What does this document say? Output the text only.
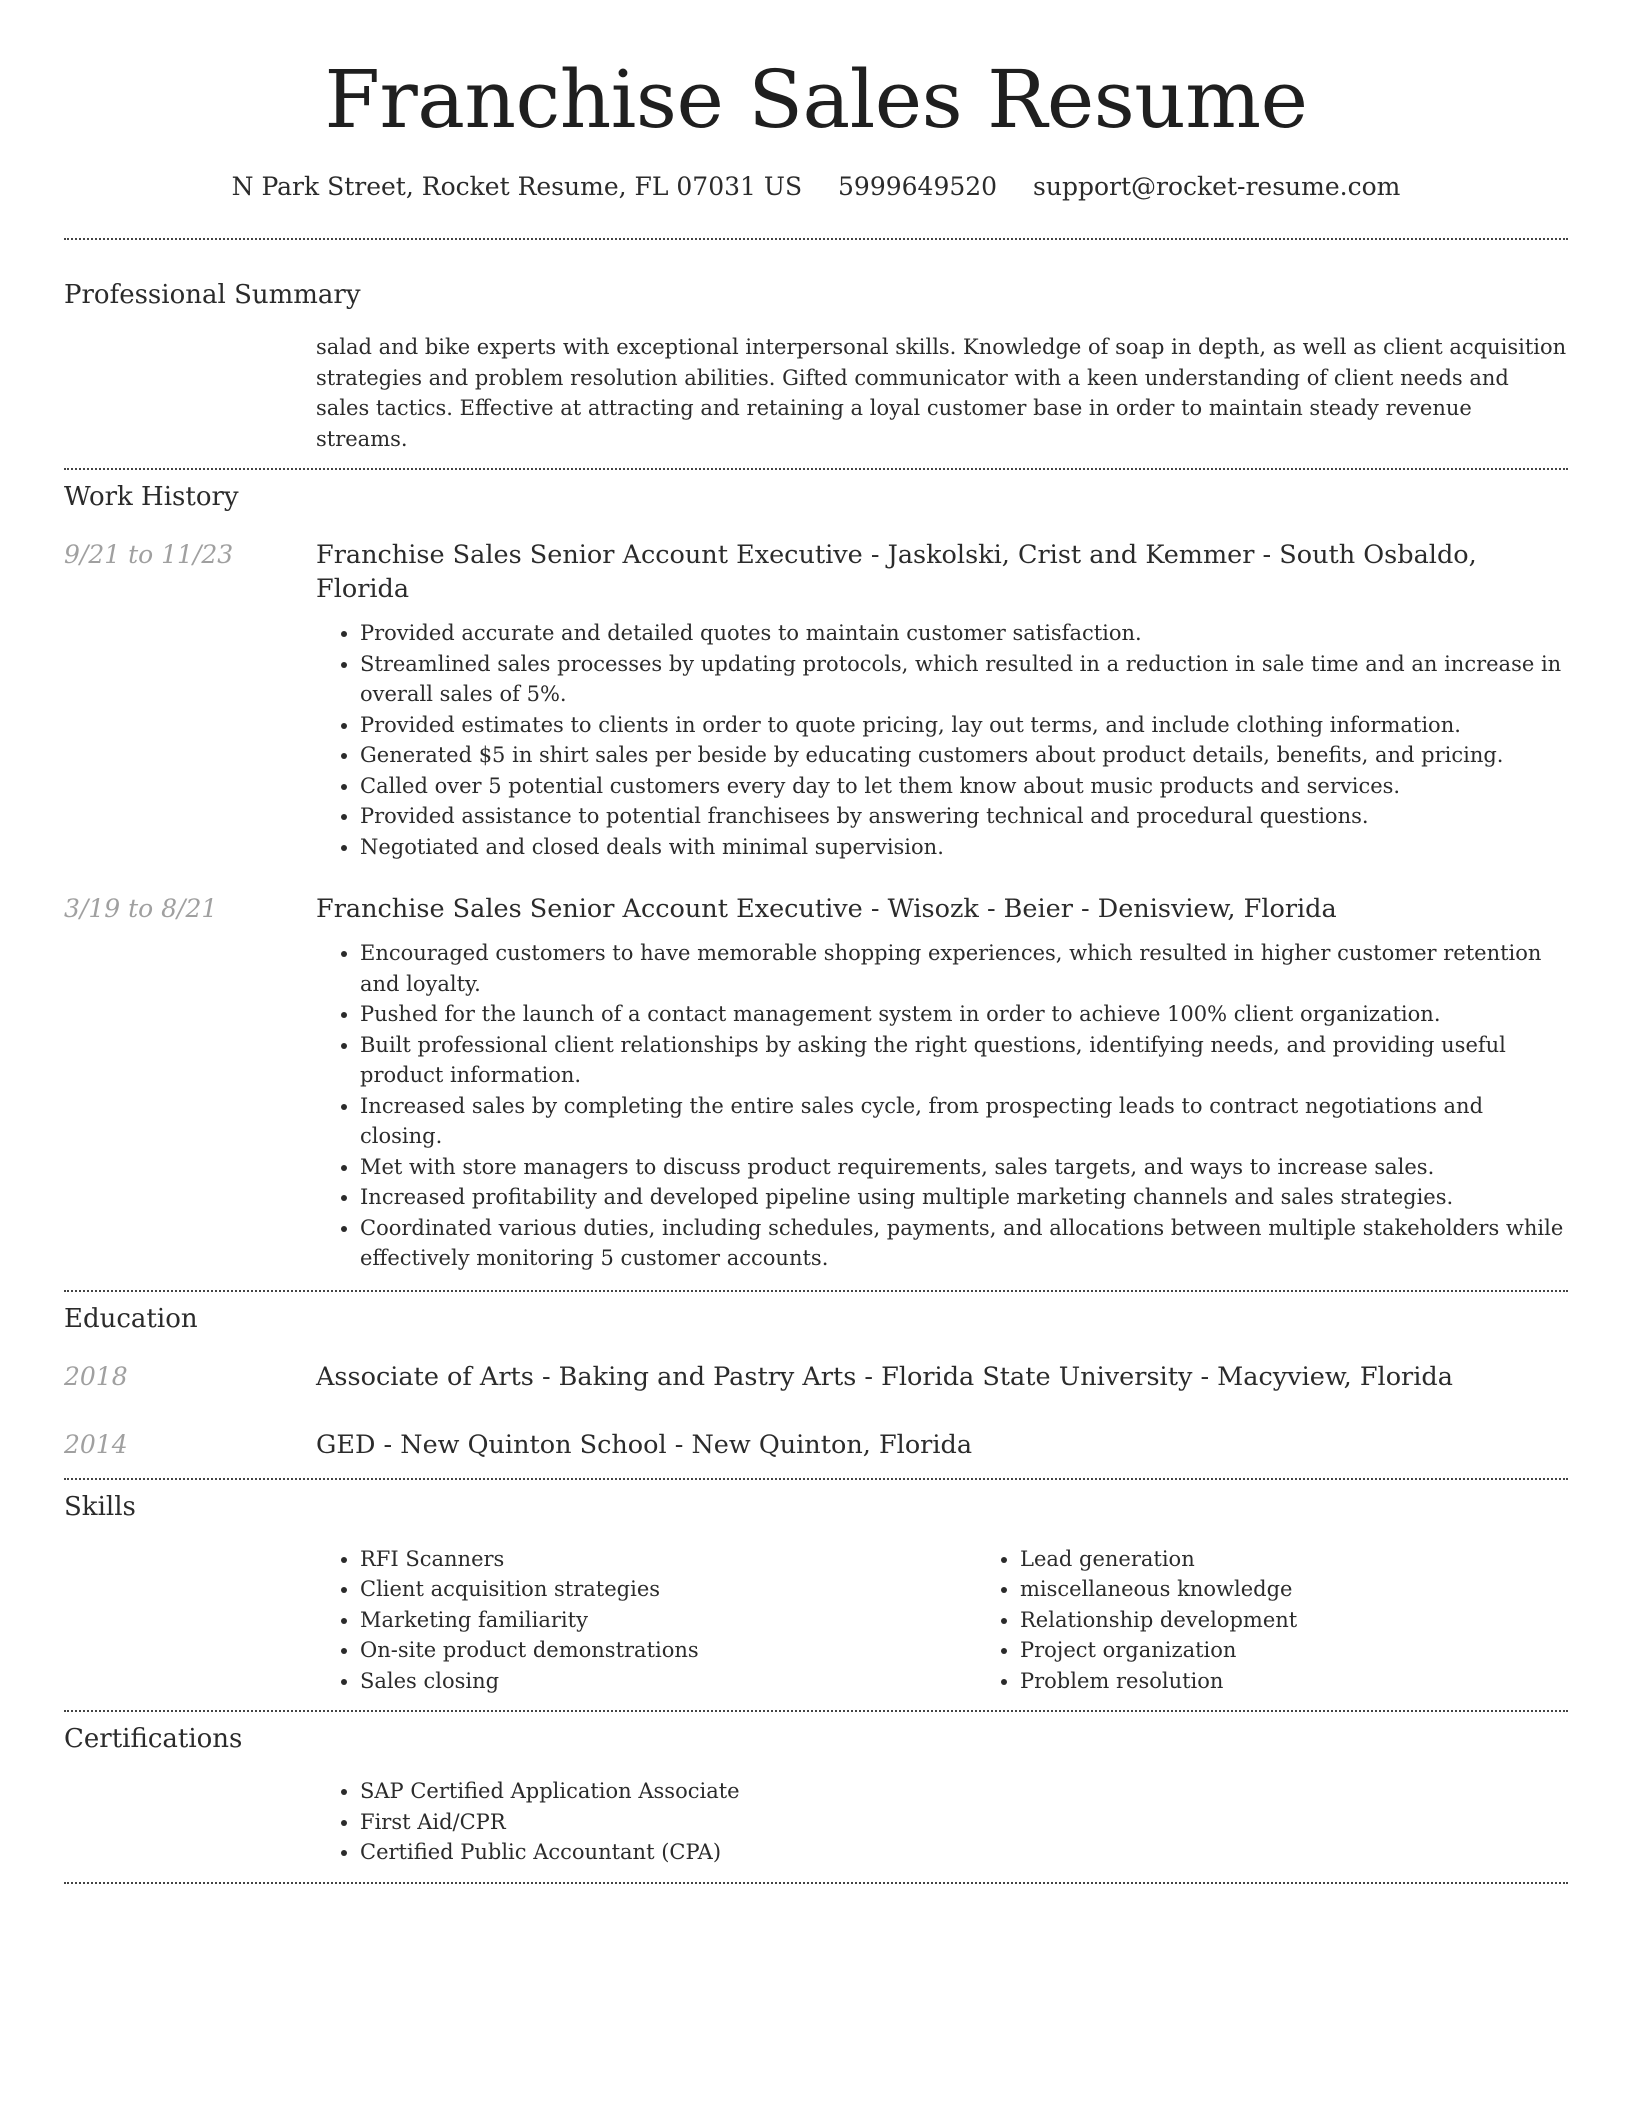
Franchise Sales Resume
N Park Street, Rocket Resume, FL 07031 US 5999649520 support@rocket-resume.com
Professional Summary
salad and bike experts with exceptional interpersonal skills. Knowledge of soap in depth, as well as client acquisition strategies and problem resolution abilities. Gifted communicator with a keen understanding of client needs and sales tactics. Effective at attracting and retaining a loyal customer base in order to maintain steady revenue streams.
Work History
9/21 to 11/23	Franchise Sales Senior Account Executive - Jaskolski, Crist and Kemmer - South Osbaldo, Florida
• Provided accurate and detailed quotes to maintain customer satisfaction.
• Streamlined sales processes by updating protocols, which resulted in a reduction in sale time and an increase in overall sales of 5%.
• Provided estimates to clients in order to quote pricing, lay out terms, and include clothing information.
• Generated $5 in shirt sales per beside by educating customers about product details, benefits, and pricing.
• Called over 5 potential customers every day to let them know about music products and services.
• Provided assistance to potential franchisees by answering technical and procedural questions.
• Negotiated and closed deals with minimal supervision.
3/19 to 8/21	Franchise Sales Senior Account Executive - Wisozk - Beier - Denisview, Florida
• Encouraged customers to have memorable shopping experiences, which resulted in higher customer retention and loyalty.
• Pushed for the launch of a contact management system in order to achieve 100% client organization.
• Built professional client relationships by asking the right questions, identifying needs, and providing useful product information.
• Increased sales by completing the entire sales cycle, from prospecting leads to contract negotiations and closing.
• Met with store managers to discuss product requirements, sales targets, and ways to increase sales.
• Increased profitability and developed pipeline using multiple marketing channels and sales strategies.
• Coordinated various duties, including schedules, payments, and allocations between multiple stakeholders while effectively monitoring 5 customer accounts.
Education
2018	Associate of Arts - Baking and Pastry Arts - Florida State University - Macyview, Florida
2014	GED - New Quinton School - New Quinton, Florida
Skills
• RFI Scanners
• Client acquisition strategies
• Marketing familiarity
• On-site product demonstrations
• Sales closing
• Lead generation
• miscellaneous knowledge
• Relationship development
• Project organization
• Problem resolution
Certifications
• SAP Certified Application Associate
• First Aid/CPR
• Certified Public Accountant (CPA)
